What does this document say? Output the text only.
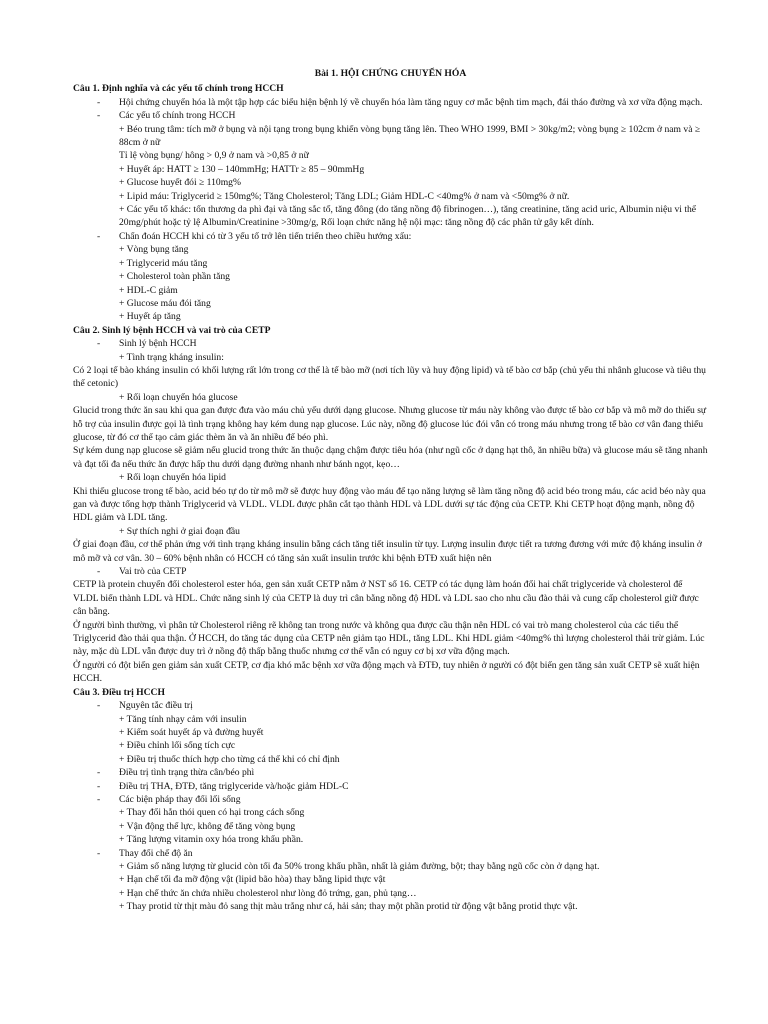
Bài 1. HỘI CHỨNG CHUYỂN HÓA

Câu 1. Định nghĩa và các yếu tố chính trong HCCH

- Hội chứng chuyển hóa là một tập hợp các biểu hiện bệnh lý về chuyển hóa làm tăng nguy cơ mắc bệnh tim mạch, đái tháo đường và xơ vữa động mạch.
- Các yếu tố chính trong HCCH

+ Béo trung tâm: tích mỡ ở bụng và nội tạng trong bụng khiến vòng bụng tăng lên. Theo WHO 1999, BMI > 30kg/m2; vòng bụng ≥ 102cm ở nam và ≥ 88cm ở nữ

Tỉ lệ vòng bụng/ hông > 0,9 ở nam và >0,85 ở nữ

+ Huyết áp: HATT ≥ 130 – 140mmHg; HATTr ≥ 85 – 90mmHg

+ Glucose huyết đói ≥ 110mg%

+ Lipid máu: Triglycerid ≥ 150mg%; Tăng Cholesterol; Tăng LDL; Giảm HDL-C <40mg% ở nam và <50mg% ở nữ.

+ Các yếu tố khác: tổn thương da phì đại và tăng sắc tố, tăng đông (do tăng nồng độ fibrinogen…), tăng creatinine, tăng acid uric, Albumin niệu vi thể 20mg/phút hoặc tỷ lệ Albumin/Creatinine >30mg/g, Rối loạn chức năng hệ nội mạc: tăng nồng độ các phân tử gây kết dính.

- Chẩn đoán HCCH khi có từ 3 yếu tố trở lên tiến triển theo chiều hướng xấu:

+ Vòng bụng tăng

+ Triglycerid máu tăng

+ Cholesterol toàn phần tăng

+ HDL-C giảm

+ Glucose máu đói tăng

+ Huyết áp tăng

Câu 2. Sinh lý bệnh HCCH và vai trò của CETP

- Sinh lý bệnh HCCH

+ Tình trạng kháng insulin:

Có 2 loại tế bào kháng insulin có khối lượng rất lớn trong cơ thể là tế bào mỡ (nơi tích lũy và huy động lipid) và tế bào cơ bắp (chủ yếu thi nhânh glucose và tiêu thụ thể cetonic)

+ Rối loạn chuyển hóa glucose

Glucid trong thức ăn sau khi qua gan được đưa vào máu chủ yếu dưới dạng glucose. Nhưng glucose từ máu này không vào được tế bào cơ bắp và mô mỡ do thiếu sự hỗ trợ của insulin được gọi là tình trạng không hay kém dung nạp glucose. Lúc này, nồng độ glucose lúc đói vẫn có trong máu nhưng trong tế bào cơ vân đang thiếu glucose, từ đó cơ thể tạo cảm giác thèm ăn và ăn nhiều để béo phì.

Sự kém dung nạp glucose sẽ giảm nếu glucid trong thức ăn thuộc dạng chậm được tiêu hóa (như ngũ cốc ở dạng hạt thô, ăn nhiều bữa) và glucose máu sẽ tăng nhanh và đạt tối đa nếu thức ăn được hấp thu dưới dạng đường nhanh như bánh ngọt, kẹo…

+ Rối loạn chuyển hóa lipid

Khi thiếu glucose trong tế bào, acid béo tự do từ mô mỡ sẽ được huy động vào máu để tạo năng lượng sẽ làm tăng nồng độ acid béo trong máu, các acid béo này qua gan và được tổng hợp thành Triglycerid và VLDL. VLDL được phân cắt tạo thành HDL và LDL dưới sự tác động của CETP. Khi CETP hoạt động mạnh, nồng độ HDL giảm và LDL tăng.

+ Sự thích nghi ở giai đoạn đầu

Ở giai đoạn đầu, cơ thể phản ứng với tình trạng kháng insulin bằng cách tăng tiết insulin từ tụy. Lượng insulin được tiết ra tương đương với mức độ kháng insulin ở mô mỡ và cơ vân. 30 – 60% bệnh nhân có HCCH có tăng sản xuất insulin trước khi bệnh ĐTĐ xuất hiện nên

- Vai trò của CETP

CETP là protein chuyển đổi cholesterol ester hóa, gen sản xuất CETP nằm ở NST số 16. CETP có tác dụng làm hoán đổi hai chất triglyceride và cholesterol để VLDL biến thành LDL và HDL. Chức năng sinh lý của CETP là duy trì cân bằng nồng độ HDL và LDL sao cho nhu cầu đào thải và cung cấp cholesterol giữ được cân bằng.

Ở người bình thường, vì phân tử Cholesterol riêng rẽ không tan trong nước và không qua được cầu thận nên HDL có vai trò mang cholesterol của các tiểu thể Triglycerid đào thải qua thận. Ở HCCH, do tăng tác dụng của CETP nên giảm tạo HDL, tăng LDL. Khi HDL giảm <40mg% thì lượng cholesterol thải trừ giảm. Lúc này, mặc dù LDL vẫn được duy trì ở nồng độ thấp bằng thuốc nhưng cơ thể vẫn có nguy cơ bị xơ vữa động mạch.

Ở người có đột biến gen giảm sản xuất CETP, cơ địa khó mắc bệnh xơ vữa động mạch và ĐTĐ, tuy nhiên ở người có đột biến gen tăng sản xuất CETP sẽ xuất hiện HCCH.

Câu 3. Điều trị HCCH

- Nguyên tắc điều trị

+ Tăng tính nhạy cảm với insulin

+ Kiểm soát huyết áp và đường huyết

+ Điều chỉnh lối sống tích cực

+ Điều trị thuốc thích hợp cho từng cá thể khi có chỉ định

- Điều trị tình trạng thừa cân/béo phì
- Điều trị THA, ĐTĐ, tăng triglyceride và/hoặc giảm HDL-C
- Các biện pháp thay đổi lối sống

+ Thay đổi hẳn thói quen có hại trong cách sống

+ Vận động thể lực, không để tăng vòng bụng

+ Tăng lượng vitamin oxy hóa trong khẩu phần.

- Thay đổi chế độ ăn

+ Giảm số năng lượng từ glucid còn tối đa 50% trong khẩu phần, nhất là giảm đường, bột; thay bằng ngũ cốc còn ở dạng hạt.

+ Hạn chế tối đa mỡ động vật (lipid bão hòa) thay bằng lipid thực vật

+ Hạn chế thức ăn chứa nhiều cholesterol như lòng đỏ trứng, gan, phủ tạng…

+ Thay protid từ thịt màu đỏ sang thịt màu trắng như cá, hải sản; thay một phần protid từ động vật bằng protid thực vật.
